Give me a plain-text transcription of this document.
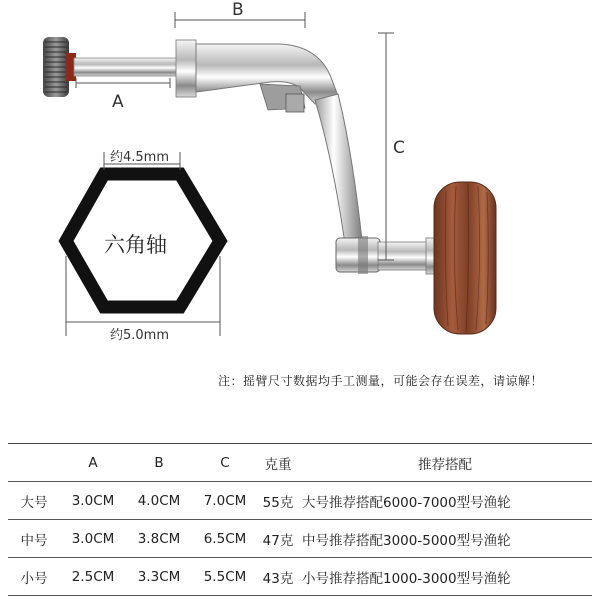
B
A
C
约4.5mm
六角轴
约5.0mm
注：摇臂尺寸数据均手工测量，可能会存在误差，请谅解！
	A	B	C	克重	推荐搭配
大号	3.0CM	4.0CM	7.0CM	55克	大号推荐搭配6000-7000型号渔轮
中号	3.0CM	3.8CM	6.5CM	47克	中号推荐搭配3000-5000型号渔轮
小号	2.5CM	3.3CM	5.5CM	43克	小号推荐搭配1000-3000型号渔轮
